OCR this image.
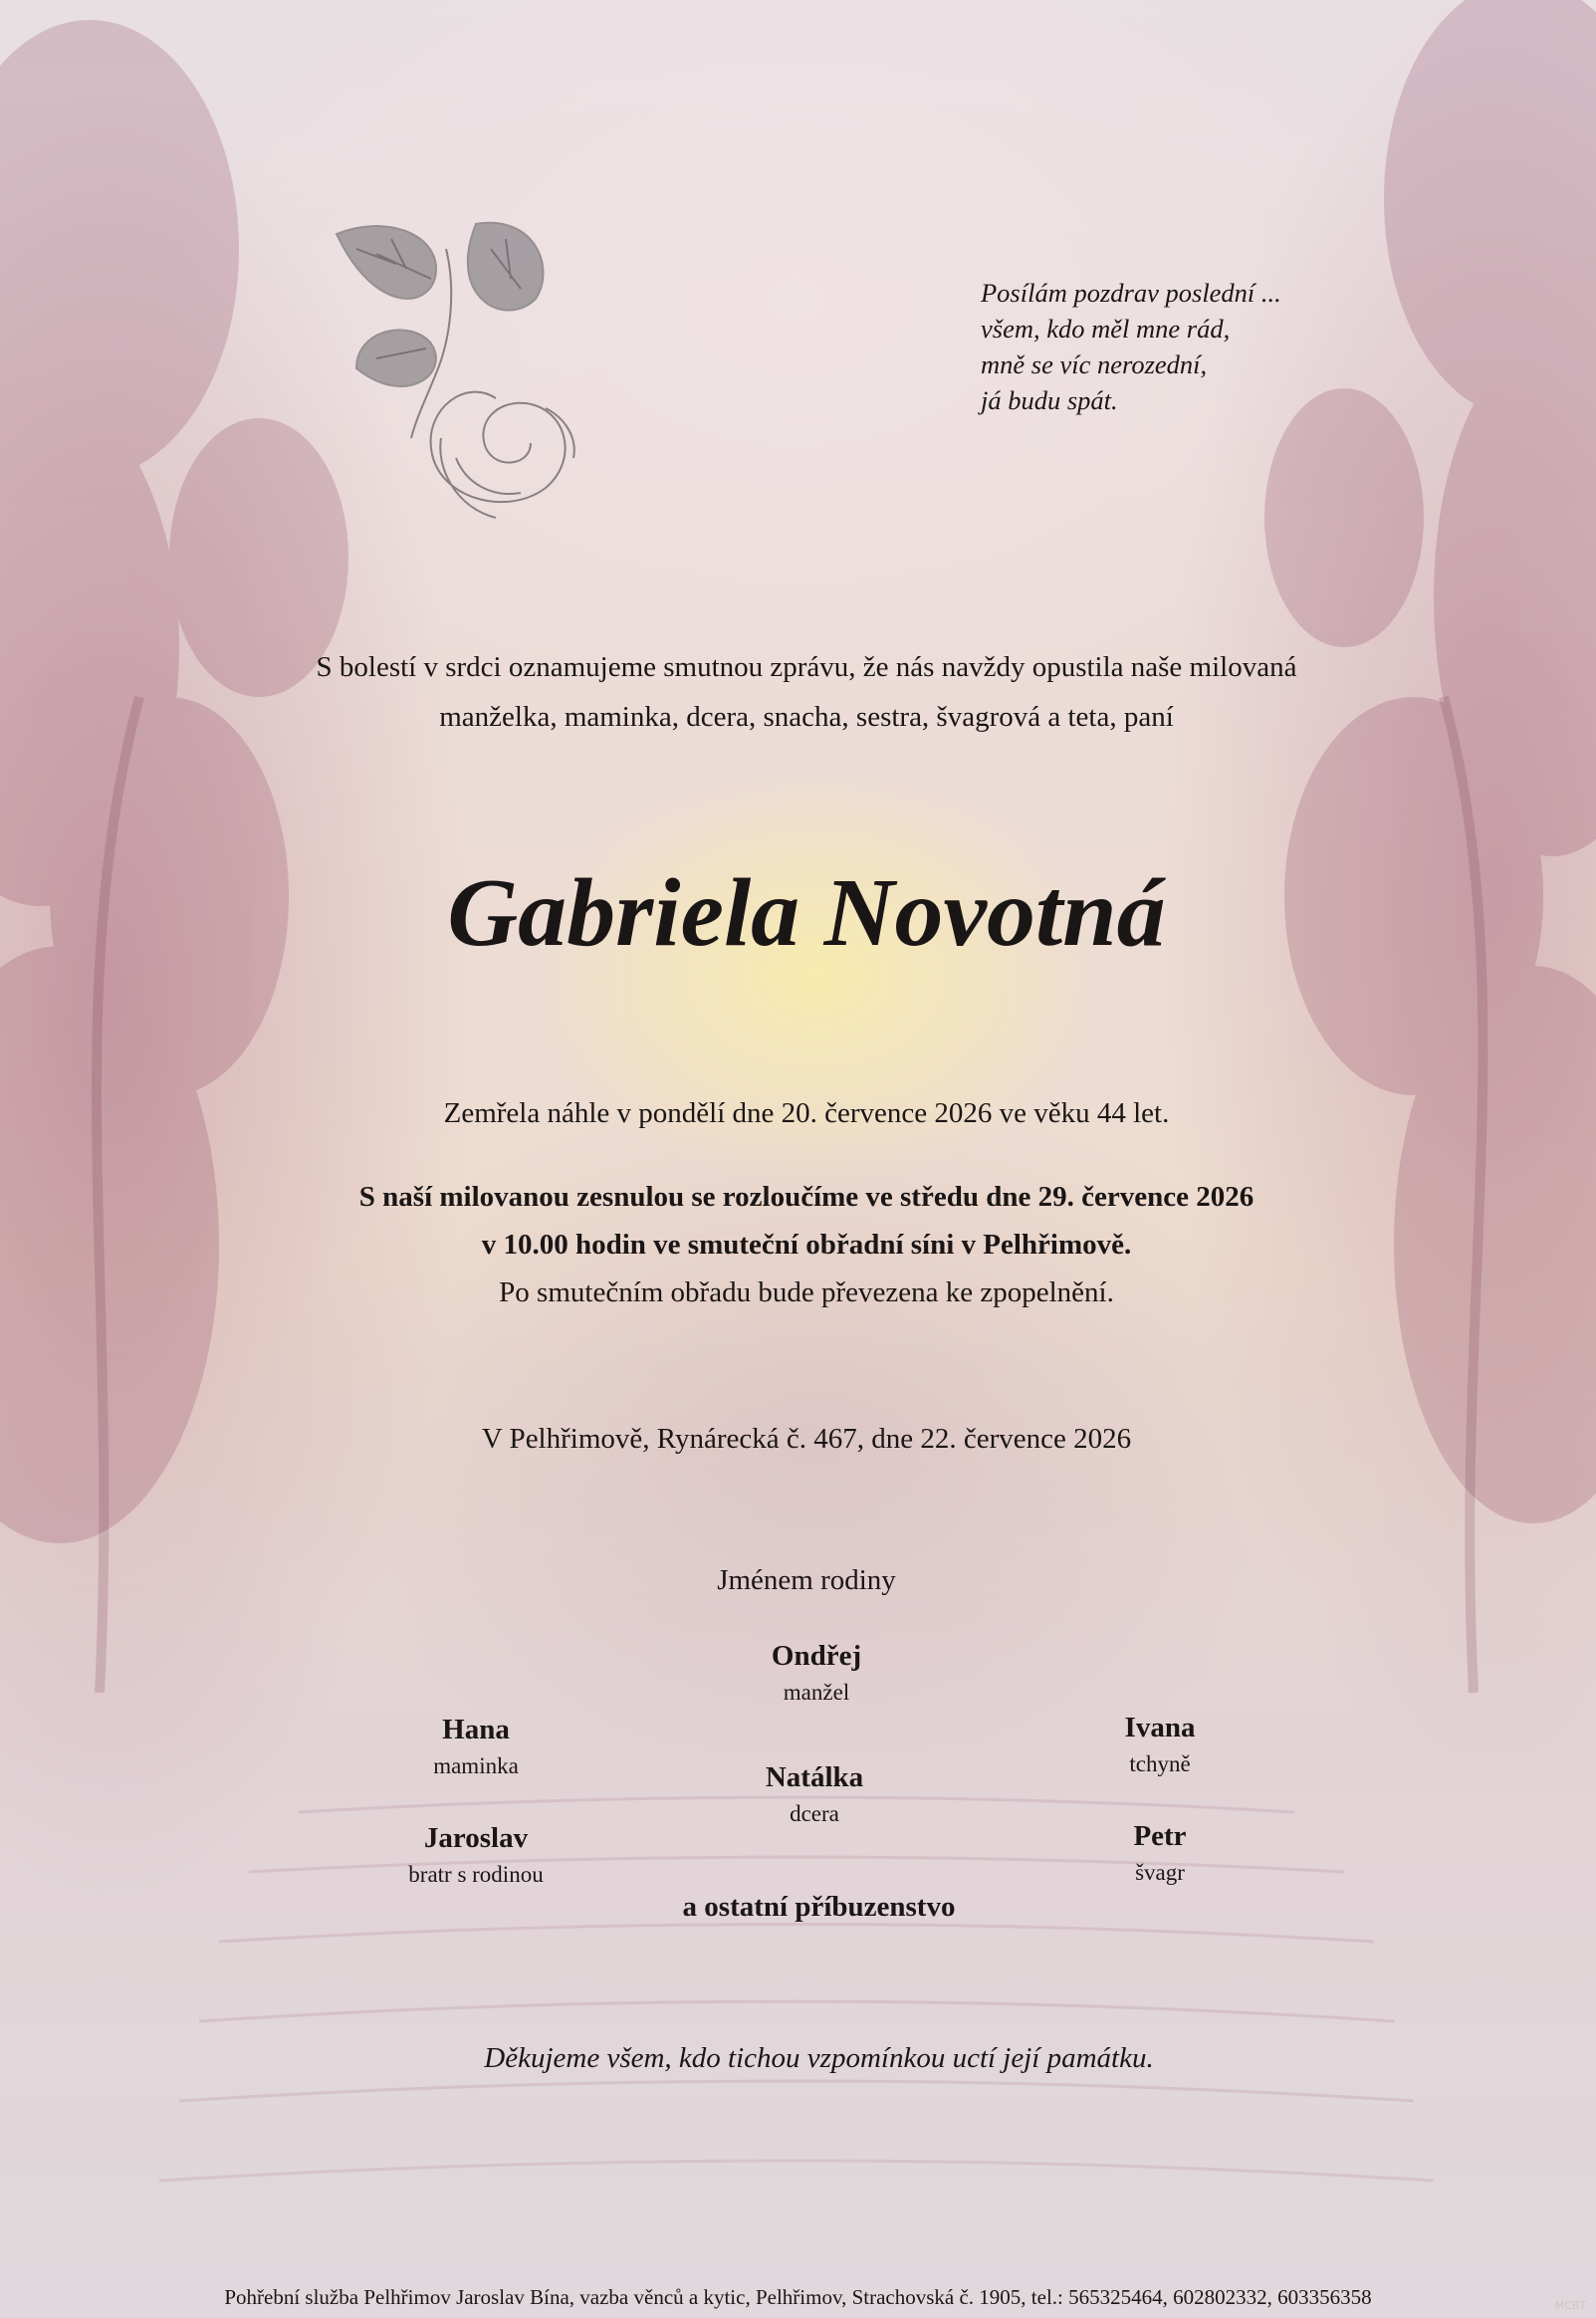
Posílám pozdrav poslední ...
všem, kdo měl mne rád,
mně se víc nerozední,
já budu spát.
S bolestí v srdci oznamujeme smutnou zprávu, že nás navždy opustila naše milovaná
manželka, maminka, dcera, snacha, sestra, švagrová a teta, paní
Gabriela Novotná
Zemřela náhle v pondělí dne 20. července 2026 ve věku 44 let.
S naší milovanou zesnulou se rozloučíme ve středu dne 29. července 2026
v 10.00 hodin ve smuteční obřadní síni v Pelhřimově.
Po smutečním obřadu bude převezena ke zpopelnění.
V Pelhřimově, Rynárecká č. 467, dne 22. července 2026
Jménem rodiny
Ondřej
manžel
Natálka
dcera
Hana
maminka
Jaroslav
bratr s rodinou
Ivana
tchyně
Petr
švagr
a ostatní příbuzenstvo
Děkujeme všem, kdo tichou vzpomínkou uctí její památku.
Pohřební služba Pelhřimov Jaroslav Bína, vazba věnců a kytic, Pelhřimov, Strachovská č. 1905, tel.: 565325464, 602802332, 603356358	MCBT
